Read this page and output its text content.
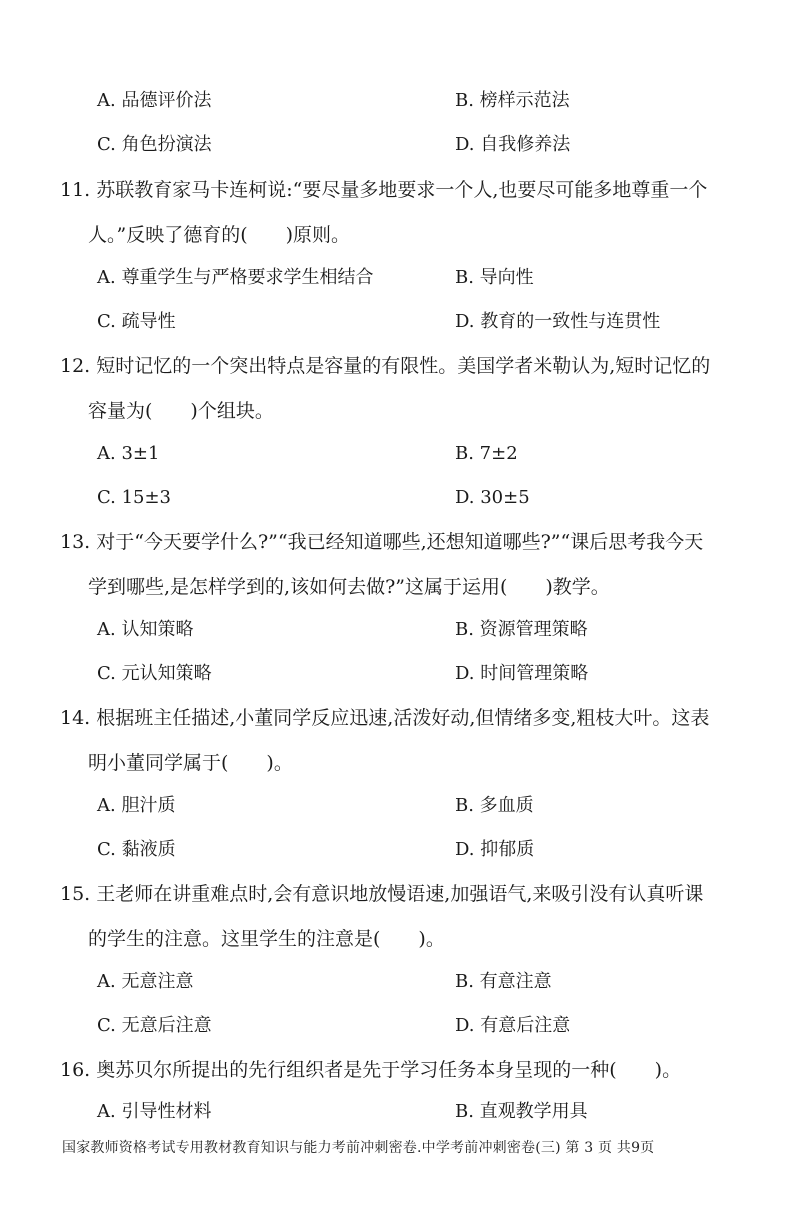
A. 品德评价法	B. 榜样示范法
C. 角色扮演法	D. 自我修养法
11. 苏联教育家马卡连柯说:“要尽量多地要求一个人,也要尽可能多地尊重一个
人。”反映了德育的(　　)原则。
A. 尊重学生与严格要求学生相结合	B. 导向性
C. 疏导性	D. 教育的一致性与连贯性
12. 短时记忆的一个突出特点是容量的有限性。美国学者米勒认为,短时记忆的
容量为(　　)个组块。
A. 3±1	B. 7±2
C. 15±3	D. 30±5
13. 对于“今天要学什么?”“我已经知道哪些,还想知道哪些?”“课后思考我今天
学到哪些,是怎样学到的,该如何去做?”这属于运用(　　)教学。
A. 认知策略	B. 资源管理策略
C. 元认知策略	D. 时间管理策略
14. 根据班主任描述,小董同学反应迅速,活泼好动,但情绪多变,粗枝大叶。这表
明小董同学属于(　　)。
A. 胆汁质	B. 多血质
C. 黏液质	D. 抑郁质
15. 王老师在讲重难点时,会有意识地放慢语速,加强语气,来吸引没有认真听课
的学生的注意。这里学生的注意是(　　)。
A. 无意注意	B. 有意注意
C. 无意后注意	D. 有意后注意
16. 奥苏贝尔所提出的先行组织者是先于学习任务本身呈现的一种(　　)。
A. 引导性材料	B. 直观教学用具
国家教师资格考试专用教材教育知识与能力考前冲刺密卷.中学考前冲刺密卷(三) 第 3 页 共9页
